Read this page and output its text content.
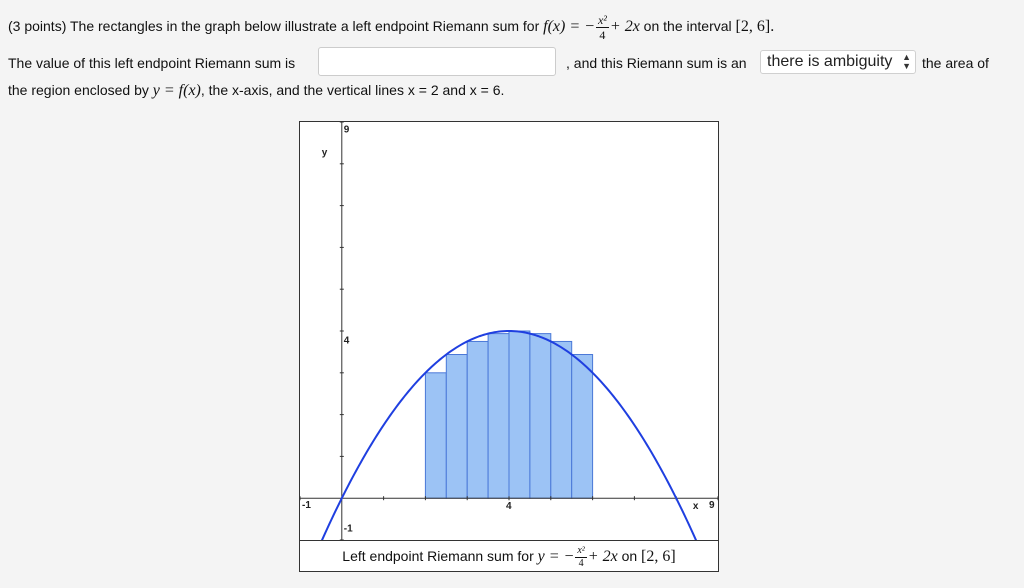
(3 points) The rectangles in the graph below illustrate a left endpoint Riemann sum for f(x) = − $\frac{\text{x²}}{4} + 2x$ on the interval [2, 6].
The value of this left endpoint Riemann sum is	, and this Riemann sum is an	there is ambiguity ▲
▼ the area of
the region enclosed by y = f(x), the x-axis, and the vertical lines x = 2 and x = 6.
y
x
9
4
-1
-1	4	9
Left endpoint Riemann sum for y = − $\frac{\text{x²}}{4} + 2x$ on [2, 6]
